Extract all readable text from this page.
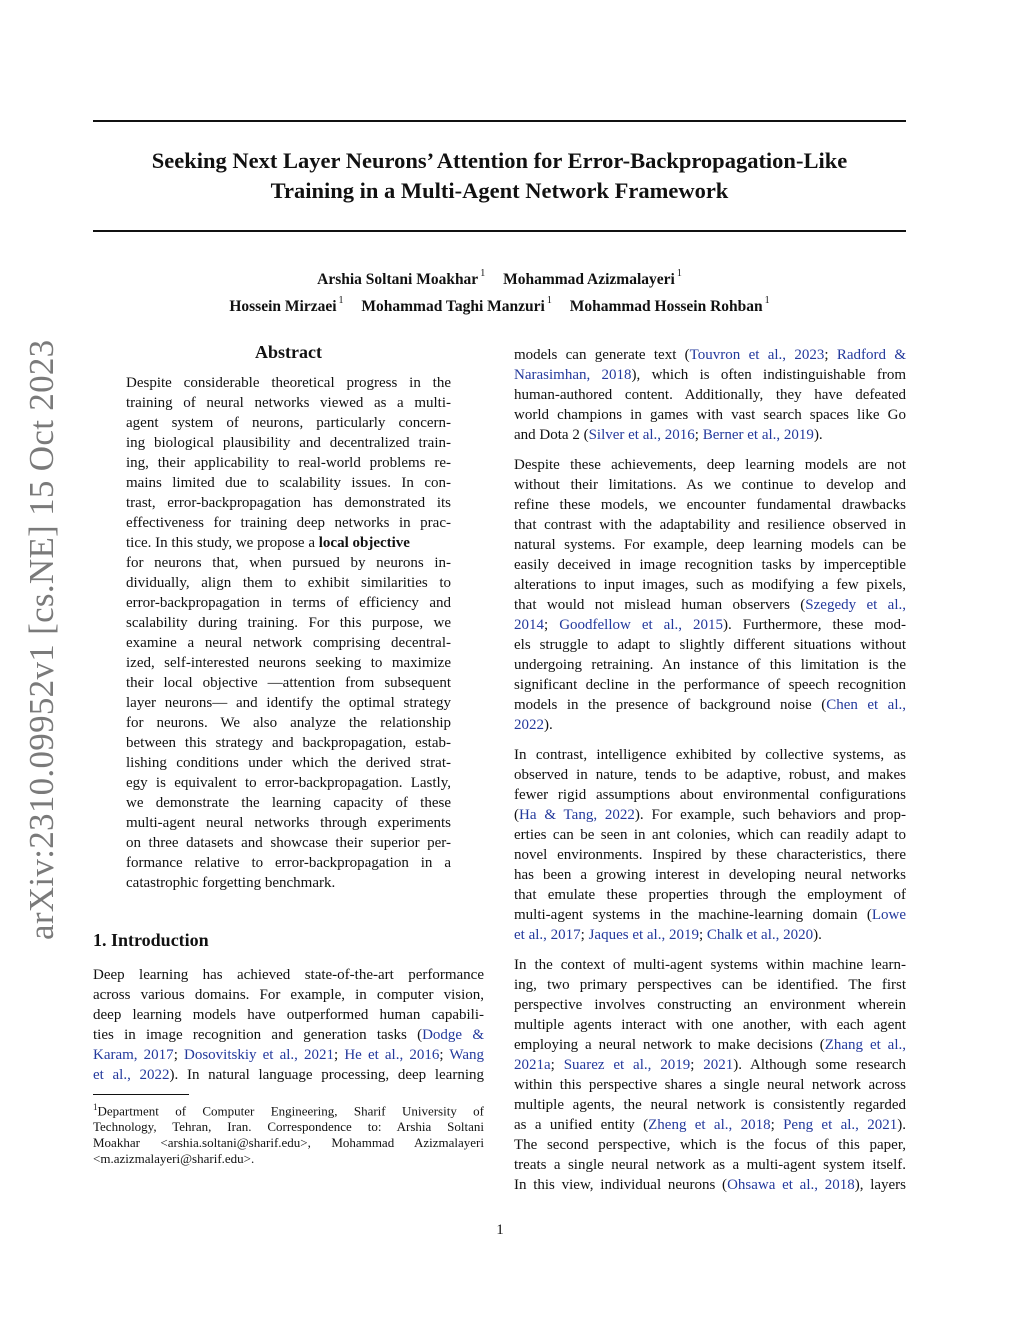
Seeking Next Layer Neurons’ Attention for Error-Backpropagation-Like
Training in a Multi-Agent Network Framework
Arshia Soltani Moakhar $^1$ Mohammad Azizmalayeri $^1$
Hossein Mirzaei $^1$ Mohammad Taghi Manzuri $^1$ Mohammad Hossein Rohban $^1$
arXiv:2310.09952v1 [cs.NE] 15 Oct 2023	Abstract
Despite considerable theoretical progress in the
training of neural networks viewed as a multi-
agent system of neurons, particularly concern-
ing biological plausibility and decentralized train-
ing, their applicability to real-world problems re-
mains limited due to scalability issues. In con-
trast, error-backpropagation has demonstrated its
effectiveness for training deep networks in prac-
tice. In this study, we propose a local objective
for neurons that, when pursued by neurons in-
dividually, align them to exhibit similarities to
error-backpropagation in terms of efficiency and
scalability during training. For this purpose, we
examine a neural network comprising decentral-
ized, self-interested neurons seeking to maximize
their local objective —attention from subsequent
layer neurons— and identify the optimal strategy
for neurons. We also analyze the relationship
between this strategy and backpropagation, estab-
lishing conditions under which the derived strat-
egy is equivalent to error-backpropagation. Lastly,
we demonstrate the learning capacity of these
multi-agent neural networks through experiments
on three datasets and showcase their superior per-
formance relative to error-backpropagation in a
catastrophic forgetting benchmark.
1. Introduction
Deep learning has achieved state-of-the-art performance
across various domains. For example, in computer vision,
deep learning models have outperformed human capabili-
ties in image recognition and generation tasks (Dodge &
Karam, 2017; Dosovitskiy et al., 2021; He et al., 2016; Wang
et al., 2022). In natural language processing, deep learning
$^1$Department of Computer Engineering, Sharif University of
Technology, Tehran, Iran. Correspondence to: Arshia Soltani
Moakhar <arshia.soltani@sharif.edu>, Mohammad Azizmalayeri
<m.azizmalayeri@sharif.edu>.
models can generate text (Touvron et al., 2023; Radford &
Narasimhan, 2018), which is often indistinguishable from
human-authored content. Additionally, they have defeated
world champions in games with vast search spaces like Go
and Dota 2 (Silver et al., 2016; Berner et al., 2019).
Despite these achievements, deep learning models are not
without their limitations. As we continue to develop and
refine these models, we encounter fundamental drawbacks
that contrast with the adaptability and resilience observed in
natural systems. For example, deep learning models can be
easily deceived in image recognition tasks by imperceptible
alterations to input images, such as modifying a few pixels,
that would not mislead human observers (Szegedy et al.,
2014; Goodfellow et al., 2015). Furthermore, these mod-
els struggle to adapt to slightly different situations without
undergoing retraining. An instance of this limitation is the
significant decline in the performance of speech recognition
models in the presence of background noise (Chen et al.,
2022).
In contrast, intelligence exhibited by collective systems, as
observed in nature, tends to be adaptive, robust, and makes
fewer rigid assumptions about environmental configurations
(Ha & Tang, 2022). For example, such behaviors and prop-
erties can be seen in ant colonies, which can readily adapt to
novel environments. Inspired by these characteristics, there
has been a growing interest in developing neural networks
that emulate these properties through the employment of
multi-agent systems in the machine-learning domain (Lowe
et al., 2017; Jaques et al., 2019; Chalk et al., 2020).
In the context of multi-agent systems within machine learn-
ing, two primary perspectives can be identified. The first
perspective involves constructing an environment wherein
multiple agents interact with one another, with each agent
employing a neural network to make decisions (Zhang et al.,
2021a; Suarez et al., 2019; 2021). Although some research
within this perspective shares a single neural network across
multiple agents, the neural network is consistently regarded
as a unified entity (Zheng et al., 2018; Peng et al., 2021).
The second perspective, which is the focus of this paper,
treats a single neural network as a multi-agent system itself.
In this view, individual neurons (Ohsawa et al., 2018), layers
1
